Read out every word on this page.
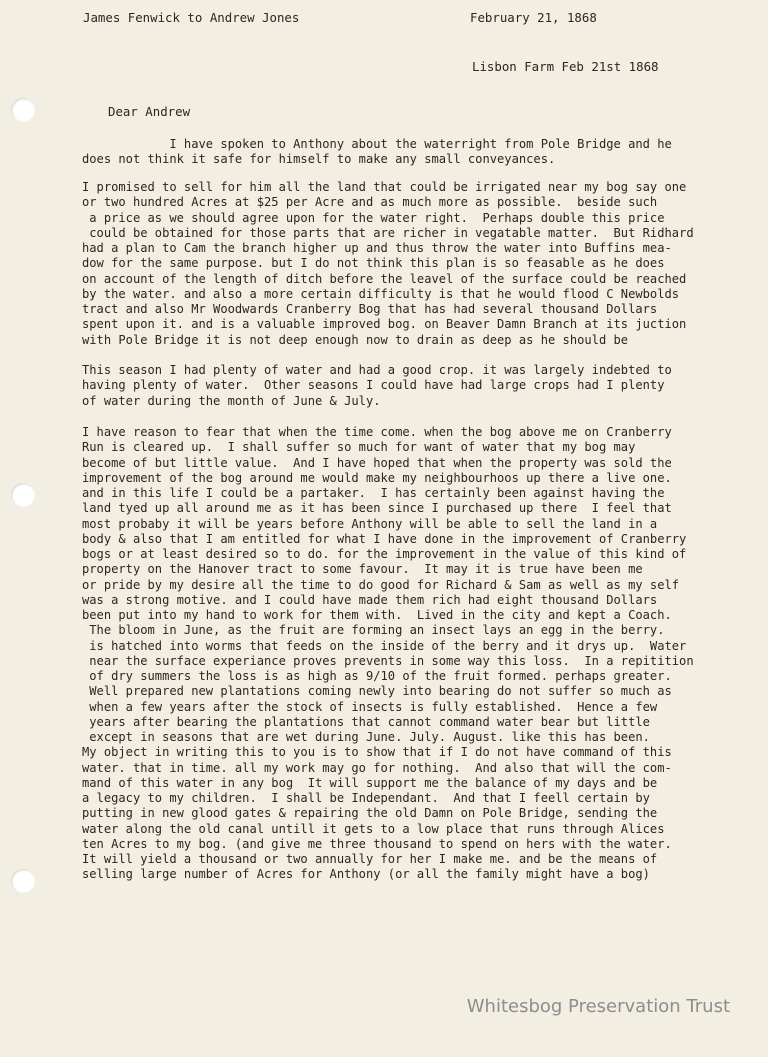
James Fenwick to Andrew Jones	February 21, 1868
Lisbon Farm Feb 21st 1868
Dear Andrew
I have spoken to Anthony about the waterright from Pole Bridge and he
does not think it safe for himself to make any small conveyances.
I promised to sell for him all the land that could be irrigated near my bog say one
or two hundred Acres at $25 per Acre and as much more as possible.  beside such
a price as we should agree upon for the water right.  Perhaps double this price
could be obtained for those parts that are richer in vegatable matter.  But Ridhard
had a plan to Cam the branch higher up and thus throw the water into Buffins mea-
dow for the same purpose. but I do not think this plan is so feasable as he does
on account of the length of ditch before the leavel of the surface could be reached
by the water. and also a more certain difficulty is that he would flood C Newbolds
tract and also Mr Woodwards Cranberry Bog that has had several thousand Dollars
spent upon it. and is a valuable improved bog. on Beaver Damn Branch at its juction
with Pole Bridge it is not deep enough now to drain as deep as he should be
This season I had plenty of water and had a good crop. it was largely indebted to
having plenty of water.  Other seasons I could have had large crops had I plenty
of water during the month of June & July.
I have reason to fear that when the time come. when the bog above me on Cranberry
Run is cleared up.  I shall suffer so much for want of water that my bog may
become of but little value.  And I have hoped that when the property was sold the
improvement of the bog around me would make my neighbourhoos up there a live one.
and in this life I could be a partaker.  I has certainly been against having the
land tyed up all around me as it has been since I purchased up there  I feel that
most probaby it will be years before Anthony will be able to sell the land in a
body & also that I am entitled for what I have done in the improvement of Cranberry
bogs or at least desired so to do. for the improvement in the value of this kind of
property on the Hanover tract to some favour.  It may it is true have been me
or pride by my desire all the time to do good for Richard & Sam as well as my self
was a strong motive. and I could have made them rich had eight thousand Dollars
been put into my hand to work for them with.  Lived in the city and kept a Coach.
The bloom in June, as the fruit are forming an insect lays an egg in the berry.
is hatched into worms that feeds on the inside of the berry and it drys up.  Water
near the surface experiance proves prevents in some way this loss.  In a repitition
of dry summers the loss is as high as 9/10 of the fruit formed. perhaps greater.
Well prepared new plantations coming newly into bearing do not suffer so much as
when a few years after the stock of insects is fully established.  Hence a few
years after bearing the plantations that cannot command water bear but little
except in seasons that are wet during June. July. August. like this has been.
My object in writing this to you is to show that if I do not have command of this
water. that in time. all my work may go for nothing.  And also that will the com-
mand of this water in any bog  It will support me the balance of my days and be
a legacy to my children.  I shall be Independant.  And that I feell certain by
putting in new glood gates & repairing the old Damn on Pole Bridge, sending the
water along the old canal untill it gets to a low place that runs through Alices
ten Acres to my bog. (and give me three thousand to spend on hers with the water.
It will yield a thousand or two annually for her I make me. and be the means of
selling large number of Acres for Anthony (or all the family might have a bog)
Whitesbog Preservation Trust
